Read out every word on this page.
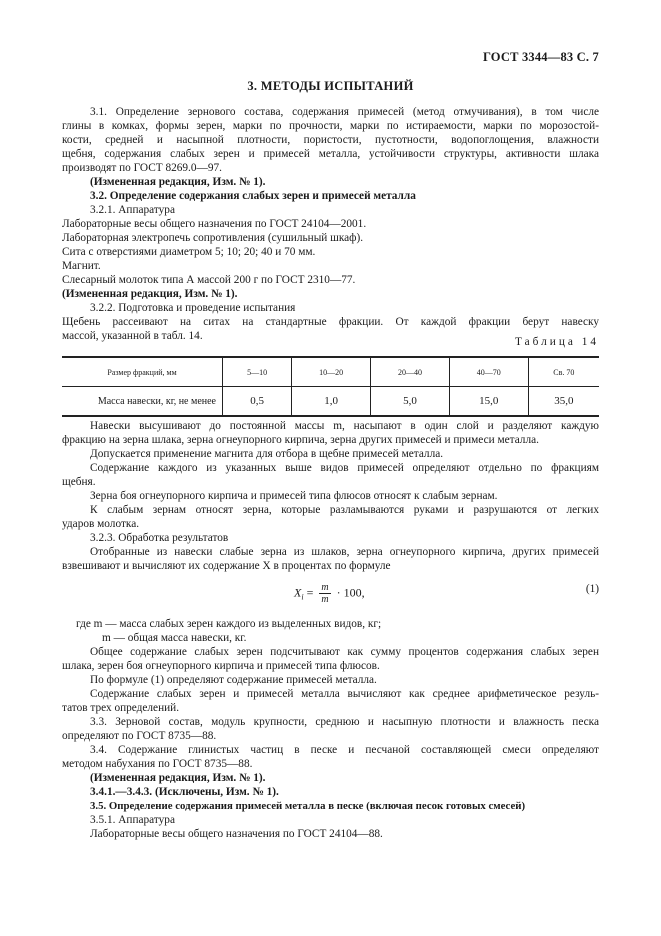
ГОСТ 3344—83 С. 7
3. МЕТОДЫ ИСПЫТАНИЙ
3.1. Определение зернового состава, содержания примесей (метод отмучивания), в том числе
глины в комках, формы зерен, марки по прочности, марки по истираемости, марки по морозостой-
кости, средней и насыпной плотности, пористости, пустотности, водопоглощения, влажности
щебня, содержания слабых зерен и примесей металла, устойчивости структуры, активности шлака
производят по ГОСТ 8269.0—97.
(Измененная редакция, Изм. № 1).
3.2. Определение содержания слабых зерен и примесей металла
3.2.1. Аппаратура
Лабораторные весы общего назначения по ГОСТ 24104—2001.
Лабораторная электропечь сопротивления (сушильный шкаф).
Сита с отверстиями диаметром 5; 10; 20; 40 и 70 мм.
Магнит.
Слесарный молоток типа А массой 200 г по ГОСТ 2310—77.
(Измененная редакция, Изм. № 1).
3.2.2. Подготовка и проведение испытания
Щебень рассеивают на ситах на стандартные фракции. От каждой фракции берут навеску
массой, указанной в табл. 14.	Таблица 14
Размер фракций, мм	5—10	10—20	20—40	40—70	Св. 70
Масса навески, кг, не менее	0,5	1,0	5,0	15,0	35,0
Навески высушивают до постоянной массы m, насыпают в один слой и разделяют каждую
фракцию на зерна шлака, зерна огнеупорного кирпича, зерна других примесей и примеси металла.
Допускается применение магнита для отбора в щебне примесей металла.
Содержание каждого из указанных выше видов примесей определяют отдельно по фракциям
щебня.
Зерна боя огнеупорного кирпича и примесей типа флюсов относят к слабым зернам.
К слабым зернам относят зерна, которые разламываются руками и разрушаются от легких
ударов молотка.
3.2.3. Обработка результатов
Отобранные из навески слабые зерна из шлаков, зерна огнеупорного кирпича, других примесей
взвешивают и вычисляют их содержание X в процентах по формуле
$X_i = \frac{m}{m} \cdot 100$,	(1)
где m — масса слабых зерен каждого из выделенных видов, кг;
m — общая масса навески, кг.
Общее содержание слабых зерен подсчитывают как сумму процентов содержания слабых зерен
шлака, зерен боя огнеупорного кирпича и примесей типа флюсов.
По формуле (1) определяют содержание примесей металла.
Содержание слабых зерен и примесей металла вычисляют как среднее арифметическое резуль-
татов трех определений.
3.3. Зерновой состав, модуль крупности, среднюю и насыпную плотности и влажность песка
определяют по ГОСТ 8735—88.
3.4. Содержание глинистых частиц в песке и песчаной составляющей смеси определяют
методом набухания по ГОСТ 8735—88.
(Измененная редакция, Изм. № 1).
3.4.1.—3.4.3. (Исключены, Изм. № 1).
3.5. Определение содержания примесей металла в песке (включая песок готовых смесей)
3.5.1. Аппаратура
Лабораторные весы общего назначения по ГОСТ 24104—88.
